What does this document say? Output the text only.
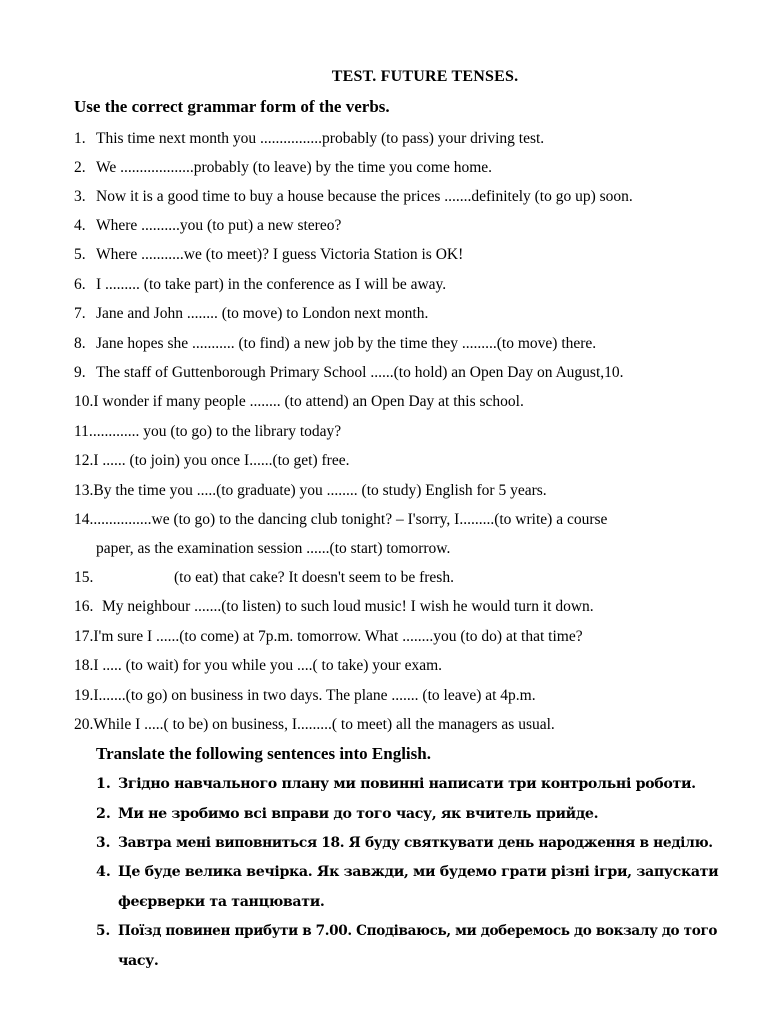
TEST. FUTURE TENSES.
Use the correct grammar form of the verbs.
1. This time next month you ................probably (to pass) your driving test.
2. We ...................probably (to leave) by the time you come home.
3. Now it is a good time to buy a house because the prices .......definitely (to go up) soon.
4. Where ..........you (to put) a new stereo?
5. Where ...........we (to meet)? I guess Victoria Station is OK!
6. I ......... (to take part) in the conference as I will be away.
7. Jane and John ........ (to move) to London next month.
8. Jane hopes she ........... (to find) a new job by the time they .........(to move) there.
9. The staff of Guttenborough Primary School ......(to hold) an Open Day on August,10.
10.I wonder if many people ........ (to attend) an Open Day at this school.
11............. you (to go) to the library today?
12.I ...... (to join) you once I......(to get) free.
13.By the time you .....(to graduate) you ........ (to study) English for 5 years.
14................we (to go) to the dancing club tonight? – I'sorry, I.........(to write) a course
paper, as the examination session ......(to start) tomorrow.
15.	(to eat) that cake? It doesn't seem to be fresh.
16. My neighbour .......(to listen) to such loud music! I wish he would turn it down.
17.I'm sure I ......(to come) at 7p.m. tomorrow. What ........you (to do) at that time?
18.I ..... (to wait) for you while you ....( to take) your exam.
19.I.......(to go) on business in two days. The plane ....... (to leave) at 4p.m.
20.While I .....( to be) on business, I.........( to meet) all the managers as usual.
Translate the following sentences into English.
1. Згідно навчального плану ми повинні написати три контрольні роботи.
2. Ми не зробимо всі вправи до того часу, як вчитель прийде.
3. Завтра мені виповниться 18. Я буду святкувати день народження в неділю.
4. Це буде велика вечірка. Як завжди, ми будемо грати різні ігри, запускати
феєрверки та танцювати.
5. Поїзд повинен прибути в 7.00. Сподіваюсь, ми доберемось до вокзалу до того
часу.
